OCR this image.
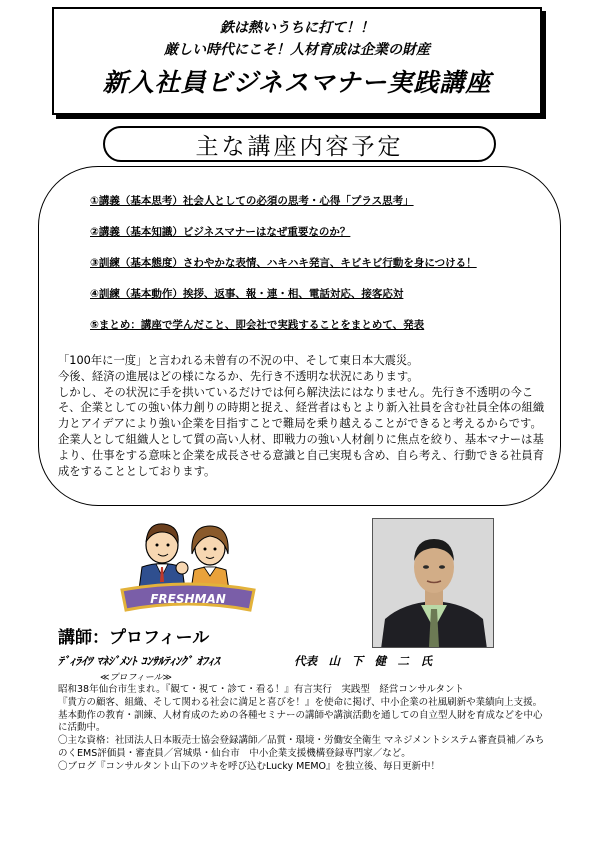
鉄は熱いうちに打て！！
厳しい時代にこそ！人材育成は企業の財産
新入社員ビジネスマナー実践講座
主な講座内容予定
①講義（基本思考）社会人としての必須の思考・心得「プラス思考」
②講義（基本知識）ビジネスマナーはなぜ重要なのか？
③訓練（基本態度）さわやかな表情、ハキハキ発言、キビキビ行動を身につける！
④訓練（基本動作）挨拶、返事、報・連・相、電話対応、接客応対
⑤まとめ：講座で学んだこと、即会社で実践することをまとめて、発表

「100年に一度」と言われる未曾有の不況の中、そして東日本大震災。

今後、経済の進展はどの様になるか、先行き不透明な状況にあります。

しかし、その状況に手を拱いているだけでは何ら解決法にはなりません。先行き不透明の今こそ、企業としての強い体力創りの時期と捉え、経営者はもとより新入社員を含む社員全体の組織力とアイデアにより強い企業を目指すことで難局を乗り越えることができると考えるからです。

企業人として組織人として質の高い人材、即戦力の強い人材創りに焦点を絞り、基本マナーは基より、仕事をする意味と企業を成長させる意識と自己実現も含め、自ら考え、行動できる社員育成をすることとしております。

FRESHMAN
講師：プロフィール
ﾃﾞｨﾗｲﾂ ﾏﾈｼﾞﾒﾝﾄ ｺﾝｻﾙﾃｨﾝｸﾞ ｵﾌｨｽ	代表　山　下　健　二　氏
≪プロフィール≫

昭和38年仙台市生まれ。『観て・視て・診て・看る！』有言実行　実践型　経営コンサルタント

『貴方の顧客、組織、そして関わる社会に満足と喜びを！』を使命に掲げ、中小企業の社風刷新や業績向上支援。基本動作の教育・訓練、人材育成のための各種セミナーの講師や講演活動を通しての自立型人財を育成などを中心に活動中。

〇主な資格：社団法人日本販売士協会登録講師／品質・環境・労働安全衛生 マネジメントシステム審査員補／みちのくEMS評価員・審査員／宮城県・仙台市　中小企業支援機構登録専門家／など。

〇ブログ『コンサルタント山下のツキを呼び込むLucky MEMO』を独立後、毎日更新中！
